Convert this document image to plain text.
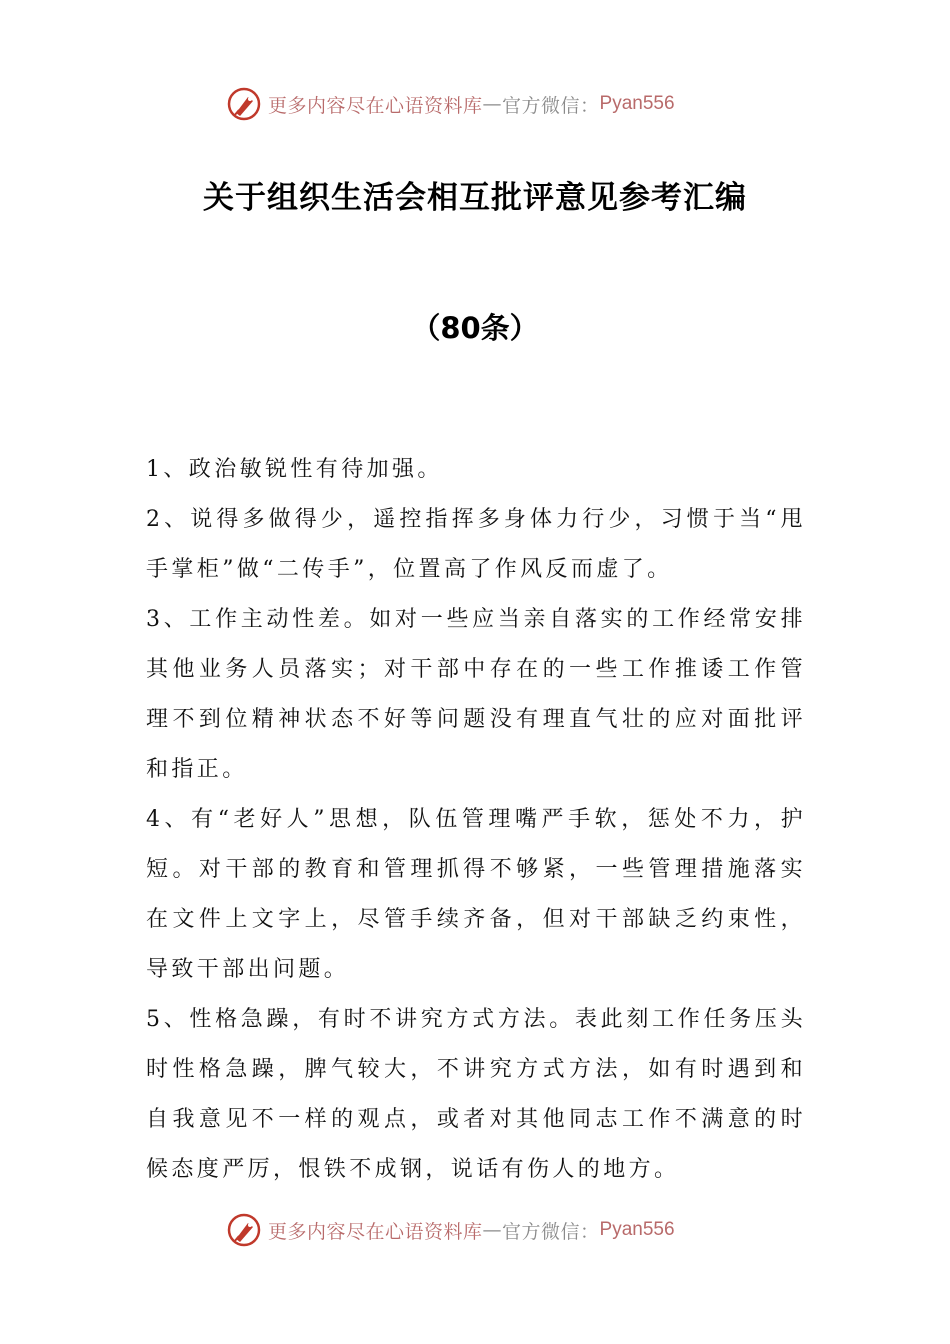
更多内容尽在心语资料库 — 官方微信： Pyan556
关于组织生活会相互批评意见参考汇编
（80条）

1、政治敏锐性有待加强。

2、说得多做得少，遥控指挥多身体力行少，习惯于当“甩手掌柜”做“二传手”，位置高了作风反而虚了。

3、工作主动性差。如对一些应当亲自落实的工作经常安排其他业务人员落实；对干部中存在的一些工作推诿工作管理不到位精神状态不好等问题没有理直气壮的应对面批评和指正。

4、有“老好人”思想，队伍管理嘴严手软，惩处不力，护短。对干部的教育和管理抓得不够紧，一些管理措施落实在文件上文字上，尽管手续齐备，但对干部缺乏约束性，导致干部出问题。

5、性格急躁，有时不讲究方式方法。表此刻工作任务压头时性格急躁，脾气较大，不讲究方式方法，如有时遇到和自我意见不一样的观点，或者对其他同志工作不满意的时候态度严厉，恨铁不成钢，说话有伤人的地方。

更多内容尽在心语资料库 — 官方微信： Pyan556
